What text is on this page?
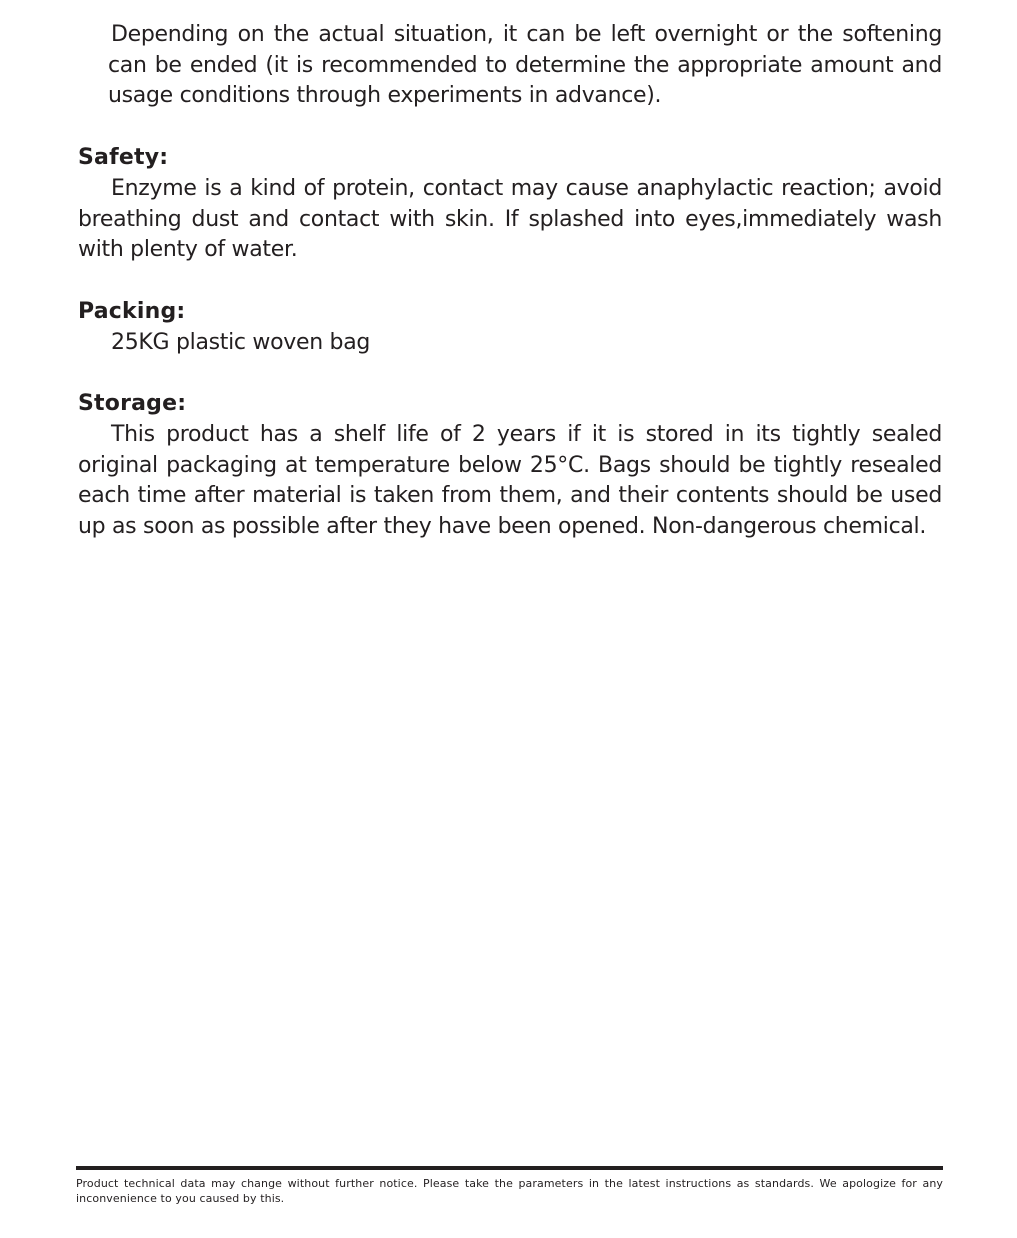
Depending on the actual situation, it can be left overnight or the softening can be ended (it is recommended to determine the appropriate amount and usage conditions through experiments in advance).

Safety:

Enzyme is a kind of protein, contact may cause anaphylactic reaction; avoid breathing dust and contact with skin. If splashed into eyes,immediately wash with plenty of water.

Packing:

25KG plastic woven bag

Storage:

This product has a shelf life of 2 years if it is stored in its tightly sealed original packaging at temperature below 25°C. Bags should be tightly resealed each time after material is taken from them, and their contents should be used up as soon as possible after they have been opened. Non-dangerous chemical.

Product technical data may change without further notice. Please take the parameters in the latest instructions as standards. We apologize for any inconvenience to you caused by this.
